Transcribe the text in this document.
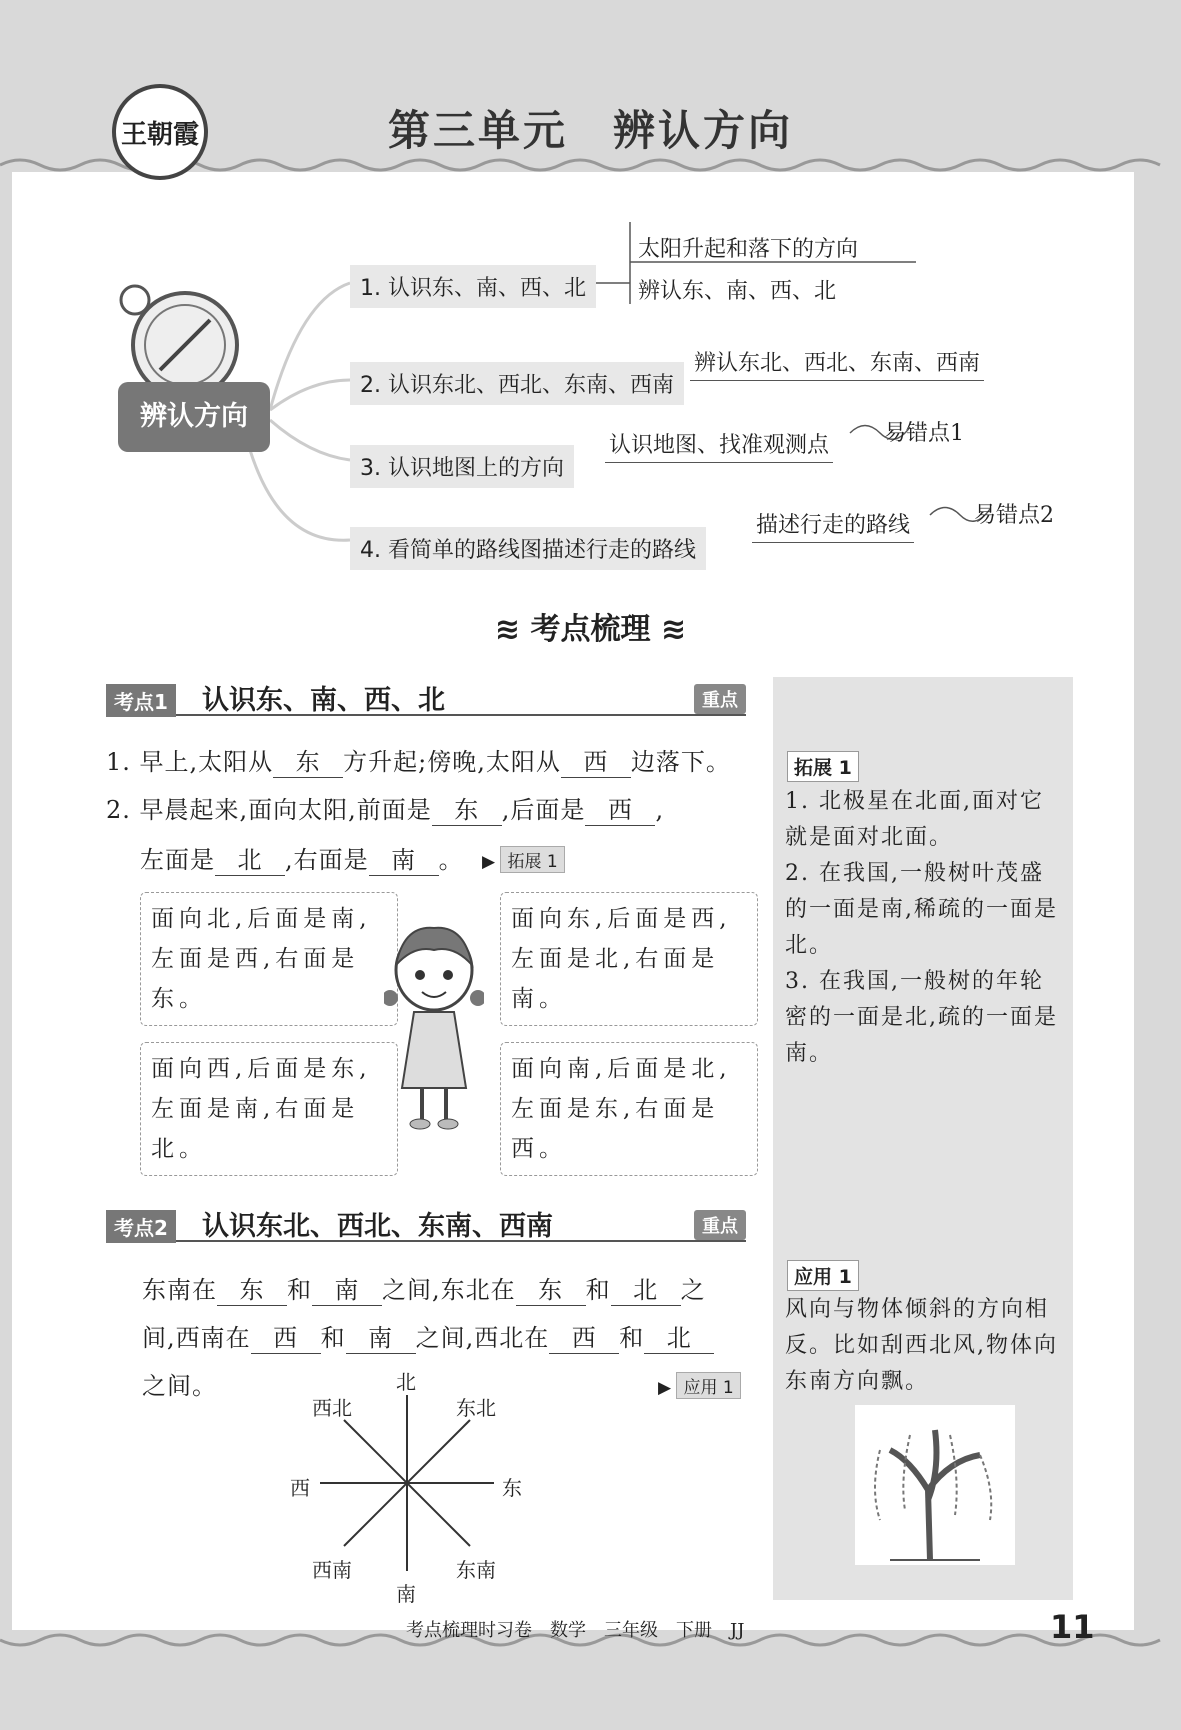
王朝霞	第三单元　辨认方向
辨认方向
1. 认识东、南、西、北
2. 认识东北、西北、东南、西南
3. 认识地图上的方向
4. 看简单的路线图描述行走的路线
太阳升起和落下的方向
辨认东、南、西、北
辨认东北、西北、东南、西南
认识地图、找准观测点 易错点1
描述行走的路线	易错点2
≋ 考点梳理 ≋
拓展 1
1. 北极星在北面,面对它就是面对北面。
2. 在我国,一般树叶茂盛的一面是南,稀疏的一面是北。
3. 在我国,一般树的年轮密的一面是北,疏的一面是南。
应用 1
风向与物体倾斜的方向相反。比如刮西北风,物体向东南方向飘。
考点1 认识东、南、西、北	重点
1. 早上,太阳从 东 方升起;傍晚,太阳从 西 边落下。
2. 早晨起来,面向太阳,前面是 东 ,后面是 西 ,
左面是 北 ,右面是 南 。 ▶ 拓展 1
面向北,后面是南,左面是西,右面是东。
面向东,后面是西,左面是北,右面是南。
面向西,后面是东,左面是南,右面是北。
面向南,后面是北,左面是东,右面是西。
考点2 认识东北、西北、东南、西南	重点
东南在 东 和 南 之间,东北在 东 和 北 之
间,西南在 西 和 南 之间,西北在 西 和 北
之间。	▶ 应用 1
北
南
东
西
东北
西北
东南
西南
考点梳理时习卷　数学　三年级　下册　JJ	11
